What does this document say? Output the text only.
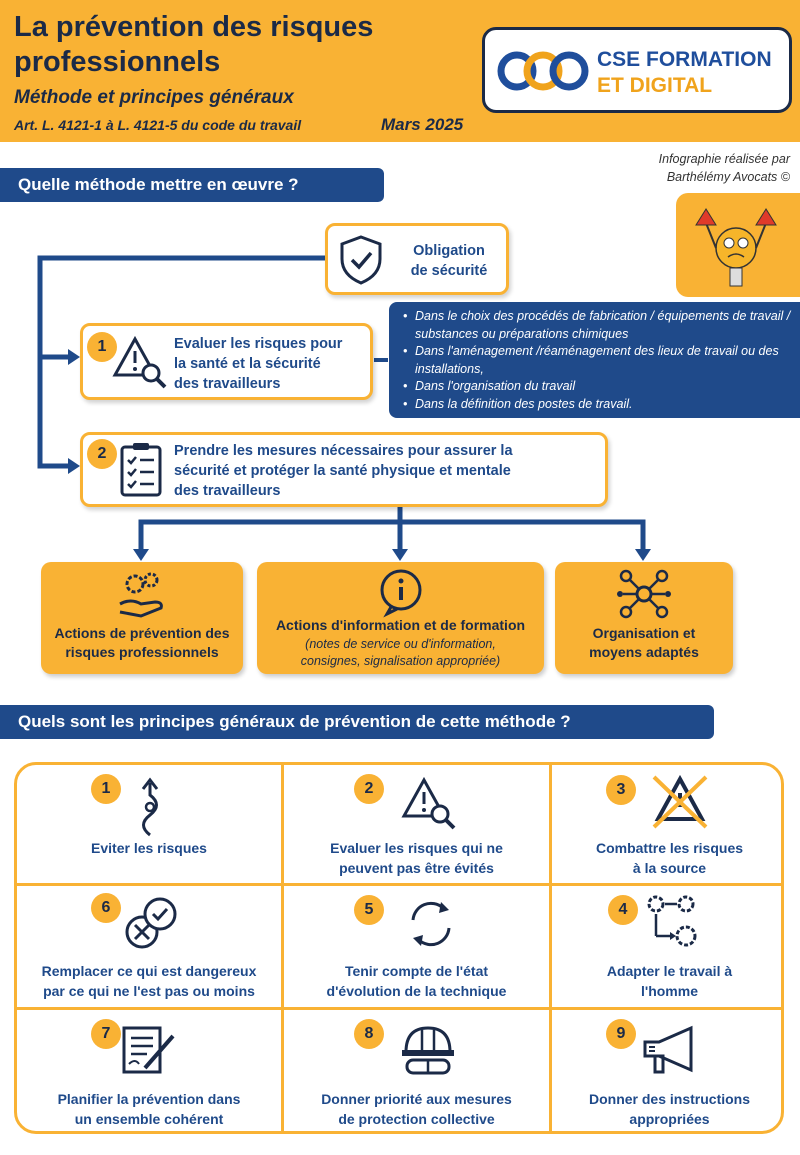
La prévention des risques
professionnels
Méthode et principes généraux
Art. L. 4121-1 à L. 4121-5 du code du travail	Mars 2025
CSE FORMATION
ET DIGITAL
Infographie réalisée par
Barthélémy Avocats ©
Quelle méthode mettre en œuvre ?
Obligation
de sécurité
1	Evaluer les risques pour
la santé et la sécurité
des travailleurs
• Dans le choix des procédés de fabrication / équipements de travail / substances ou préparations chimiques
• Dans l'aménagement /réaménagement des lieux de travail ou des installations,
• Dans l'organisation du travail
• Dans la définition des postes de travail.
2	Prendre les mesures nécessaires pour assurer la
sécurité et protéger la santé physique et mentale
des travailleurs
Actions de prévention des
risques professionnels
Actions d'information et de formation
(notes de service ou d'information,
consignes, signalisation appropriée)
Organisation et
moyens adaptés
Quels sont les principes généraux de prévention de cette méthode ?
1
Eviter les risques
2
Evaluer les risques qui ne
peuvent pas être évités
3
Combattre les risques
à la source
6
Remplacer ce qui est dangereux
par ce qui ne l'est pas ou moins
5
Tenir compte de l'état
d'évolution de la technique
4
Adapter le travail à
l'homme
7
Planifier la prévention dans
un ensemble cohérent
8
Donner priorité aux mesures
de protection collective
9
Donner des instructions
appropriées
